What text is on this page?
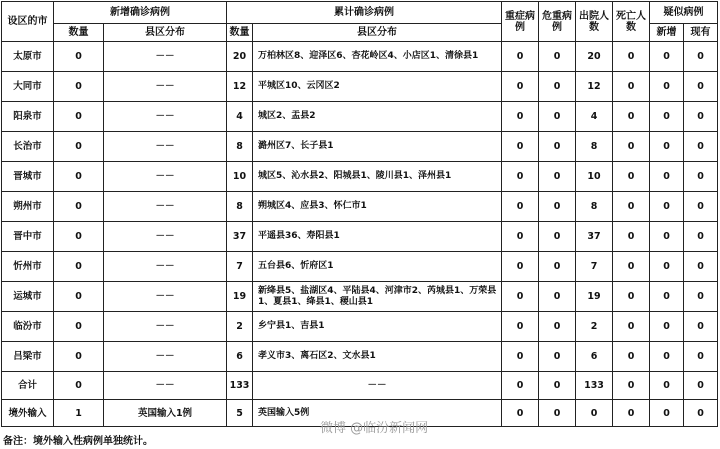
设区的市	新增确诊病例		累计确诊病例		重症病例	危重病例	出院人数	死亡人数	疑似病例	
	数量	县区分布	数量	县区分布					新增	现有
太原市	0	－－	20	万柏林区8、迎泽区6、杏花岭区4、小店区1、清徐县1	0	0	20	0	0	0
大同市	0	－－	12	平城区10、云冈区2	0	0	12	0	0	0
阳泉市	0	－－	4	城区2、盂县2	0	0	4	0	0	0
长治市	0	－－	8	潞州区7、长子县1	0	0	8	0	0	0
晋城市	0	－－	10	城区5、沁水县2、阳城县1、陵川县1、泽州县1	0	0	10	0	0	0
朔州市	0	－－	8	朔城区4、应县3、怀仁市1	0	0	8	0	0	0
晋中市	0	－－	37	平遥县36、寿阳县1	0	0	37	0	0	0
忻州市	0	－－	7	五台县6、忻府区1	0	0	7	0	0	0
运城市	0	－－	19	新绛县5、盐湖区4、平陆县4、河津市2、芮城县1、万荣县1、夏县1、绛县1、稷山县1	0	0	19	0	0	0
临汾市	0	－－	2	乡宁县1、吉县1	0	0	2	0	0	0
吕梁市	0	－－	6	孝义市3、离石区2、文水县1	0	0	6	0	0	0
合计	0	－－	133	－－	0	0	133	0	0	0
境外输入	1	英国输入1例	5	英国输入5例	0	0	0	0	0	0
备注：境外输入性病例单独统计。
微博 @临汾新闻网
